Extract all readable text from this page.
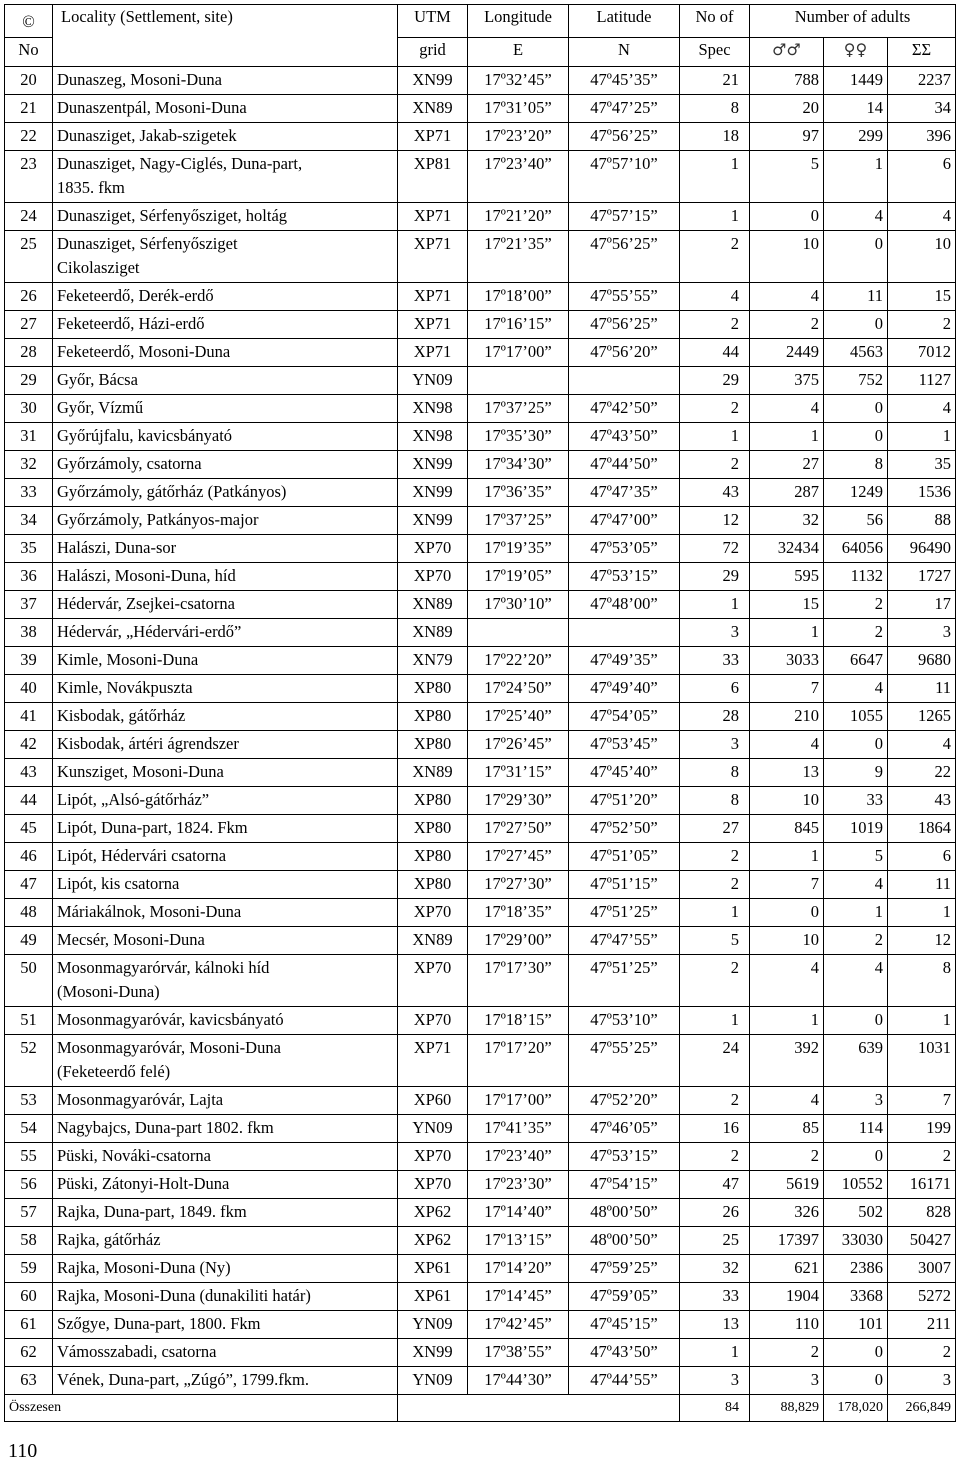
©	Locality (Settlement, site)	UTM	Longitude	Latitude	No of	Number of adults		
No		grid	E	N	Spec	♂♂	♀♀	ΣΣ
20	Dunaszeg, Mosoni-Duna	XN99	17º32’45”	47º45’35”	21	788	1449	2237
21	Dunaszentpál, Mosoni-Duna	XN89	17º31’05”	47º47’25”	8	20	14	34
22	Dunasziget, Jakab-szigetek	XP71	17º23’20”	47º56’25”	18	97	299	396
23	Dunasziget, Nagy-Ciglés, Duna-part,
1835. fkm	XP81	17º23’40”	47º57’10”	1	5	1	6
24	Dunasziget, Sérfenyősziget, holtág	XP71	17º21’20”	47º57’15”	1	0	4	4
25	Dunasziget, Sérfenyősziget
Cikolasziget	XP71	17º21’35”	47º56’25”	2	10	0	10
26	Feketeerdő, Derék-erdő	XP71	17º18’00”	47º55’55”	4	4	11	15
27	Feketeerdő, Házi-erdő	XP71	17º16’15”	47º56’25”	2	2	0	2
28	Feketeerdő, Mosoni-Duna	XP71	17º17’00”	47º56’20”	44	2449	4563	7012
29	Győr, Bácsa	YN09			29	375	752	1127
30	Győr, Vízmű	XN98	17º37’25”	47º42’50”	2	4	0	4
31	Győrújfalu, kavicsbányató	XN98	17º35’30”	47º43’50”	1	1	0	1
32	Győrzámoly, csatorna	XN99	17º34’30”	47º44’50”	2	27	8	35
33	Győrzámoly, gátőrház (Patkányos)	XN99	17º36’35”	47º47’35”	43	287	1249	1536
34	Győrzámoly, Patkányos-major	XN99	17º37’25”	47º47’00”	12	32	56	88
35	Halászi, Duna-sor	XP70	17º19’35”	47º53’05”	72	32434	64056	96490
36	Halászi, Mosoni-Duna, híd	XP70	17º19’05”	47º53’15”	29	595	1132	1727
37	Hédervár, Zsejkei-csatorna	XN89	17º30’10”	47º48’00”	1	15	2	17
38	Hédervár, „Hédervári-erdő”	XN89			3	1	2	3
39	Kimle, Mosoni-Duna	XN79	17º22’20”	47º49’35”	33	3033	6647	9680
40	Kimle, Novákpuszta	XP80	17º24’50”	47º49’40”	6	7	4	11
41	Kisbodak, gátőrház	XP80	17º25’40”	47º54’05”	28	210	1055	1265
42	Kisbodak, ártéri ágrendszer	XP80	17º26’45”	47º53’45”	3	4	0	4
43	Kunsziget, Mosoni-Duna	XN89	17º31’15”	47º45’40”	8	13	9	22
44	Lipót, „Alsó-gátőrház”	XP80	17º29’30”	47º51’20”	8	10	33	43
45	Lipót, Duna-part, 1824. Fkm	XP80	17º27’50”	47º52’50”	27	845	1019	1864
46	Lipót, Hédervári csatorna	XP80	17º27’45”	47º51’05”	2	1	5	6
47	Lipót, kis csatorna	XP80	17º27’30”	47º51’15”	2	7	4	11
48	Máriakálnok, Mosoni-Duna	XP70	17º18’35”	47º51’25”	1	0	1	1
49	Mecsér, Mosoni-Duna	XN89	17º29’00”	47º47’55”	5	10	2	12
50	Mosonmagyarórvár, kálnoki híd
(Mosoni-Duna)	XP70	17º17’30”	47º51’25”	2	4	4	8
51	Mosonmagyaróvár, kavicsbányató	XP70	17º18’15”	47º53’10”	1	1	0	1
52	Mosonmagyaróvár, Mosoni-Duna
(Feketeerdő felé)	XP71	17º17’20”	47º55’25”	24	392	639	1031
53	Mosonmagyaróvár, Lajta	XP60	17º17’00”	47º52’20”	2	4	3	7
54	Nagybajcs, Duna-part 1802. fkm	YN09	17º41’35”	47º46’05”	16	85	114	199
55	Püski, Nováki-csatorna	XP70	17º23’40”	47º53’15”	2	2	0	2
56	Püski, Zátonyi-Holt-Duna	XP70	17º23’30”	47º54’15”	47	5619	10552	16171
57	Rajka, Duna-part, 1849. fkm	XP62	17º14’40”	48º00’50”	26	326	502	828
58	Rajka, gátőrház	XP62	17º13’15”	48º00’50”	25	17397	33030	50427
59	Rajka, Mosoni-Duna (Ny)	XP61	17º14’20”	47º59’25”	32	621	2386	3007
60	Rajka, Mosoni-Duna (dunakiliti határ)	XP61	17º14’45”	47º59’05”	33	1904	3368	5272
61	Szőgye, Duna-part, 1800. Fkm	YN09	17º42’45”	47º45’15”	13	110	101	211
62	Vámosszabadi, csatorna	XN99	17º38’55”	47º43’50”	1	2	0	2
63	Vének, Duna-part, „Zúgó”, 1799.fkm.	YN09	17º44’30”	47º44’55”	3	3	0	3
Összesen					84	88,829	178,020	266,849
110
